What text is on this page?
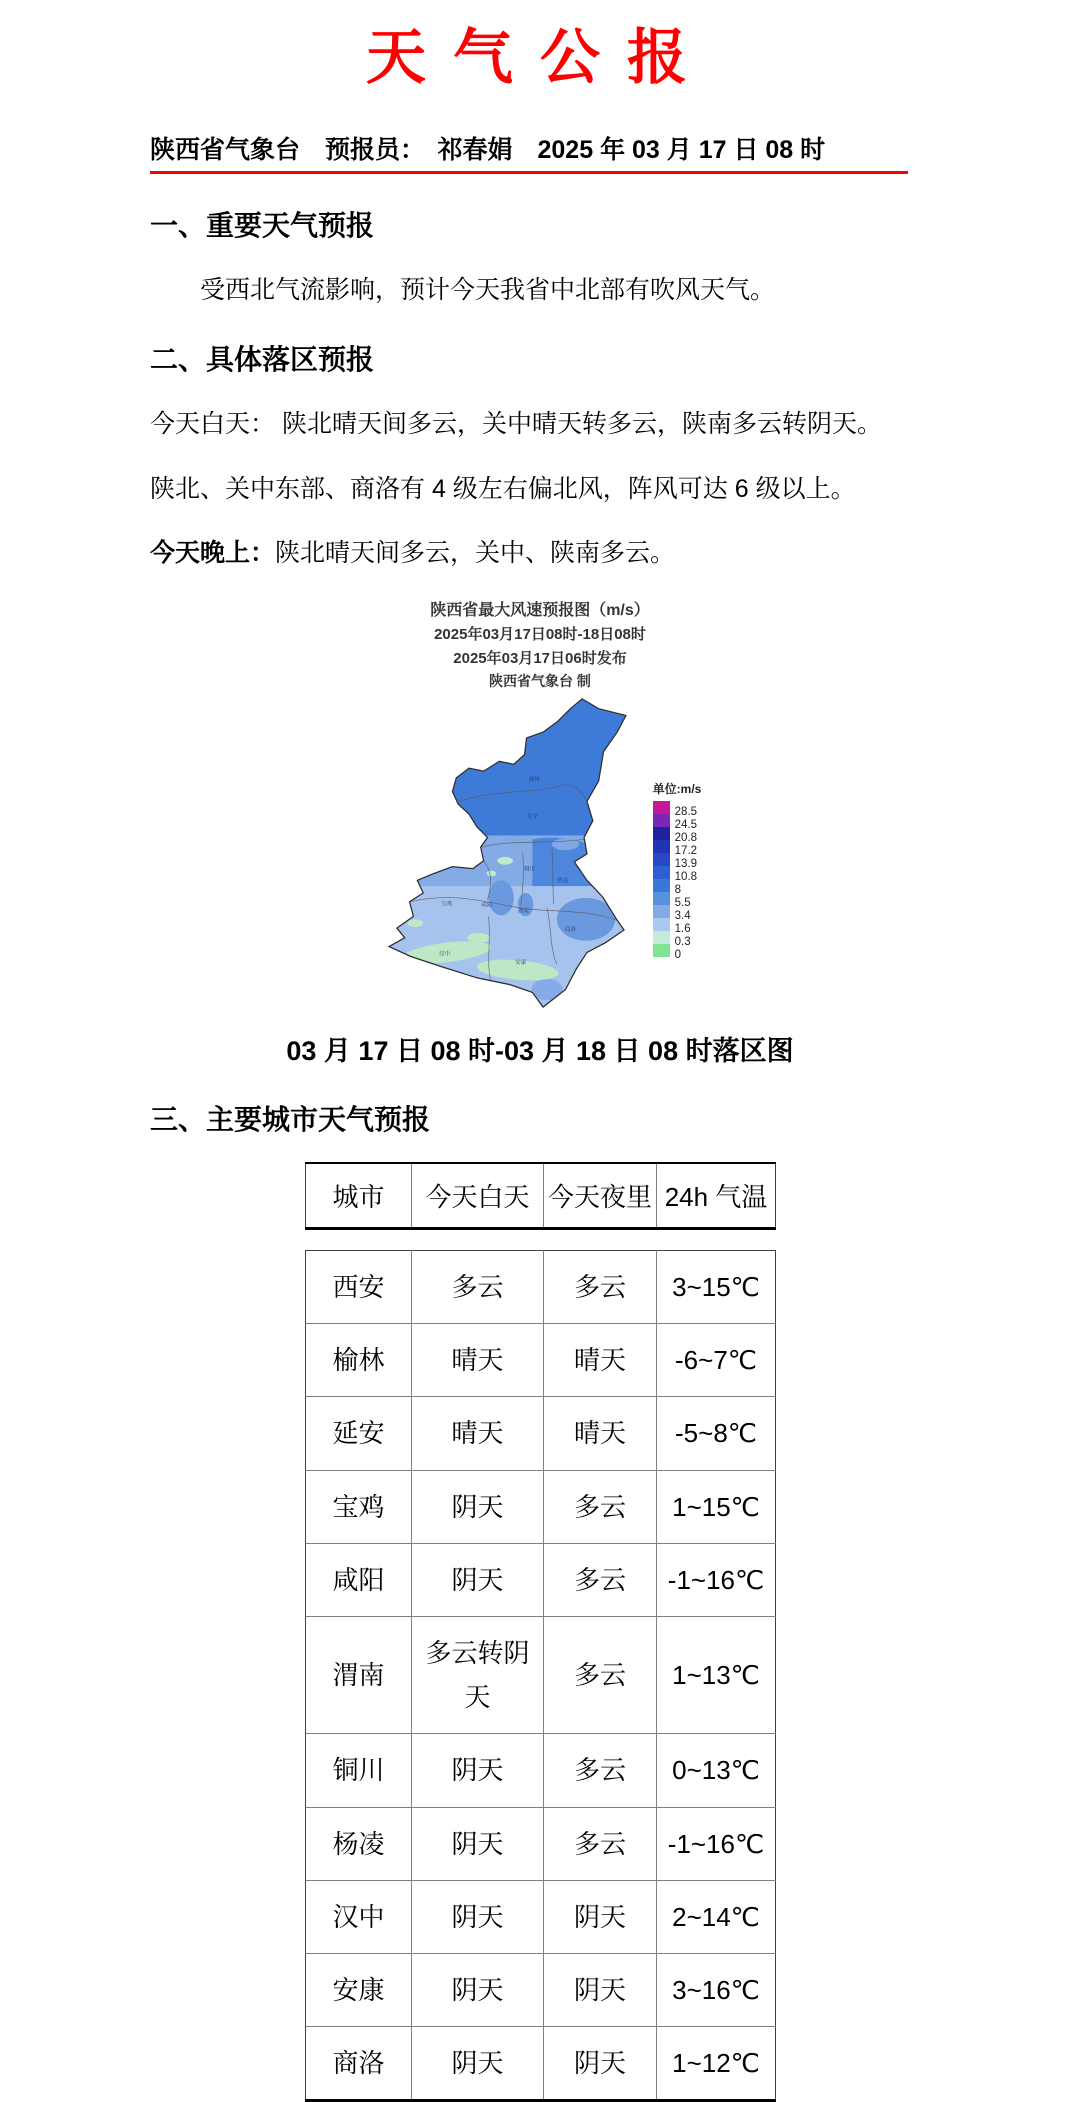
天气公报
陕西省气象台　预报员：　祁春娟　2025 年 03 月 17 日 08 时
一、重要天气预报

受西北气流影响，预计今天我省中北部有吹风天气。

二、具体落区预报

今天白天： 陕北晴天间多云，关中晴天转多云，陕南多云转阴天。

陕北、关中东部、商洛有 4 级左右偏北风，阵风可达 6 级以上。

今天晚上：陕北晴天间多云，关中、陕南多云。

陕西省最大风速预报图（m/s）
2025年03月17日08时-18日08时
2025年03月17日06时发布
陕西省气象台 制
榆林
延安
铜川
渭南
宝鸡	咸阳
西安
商洛
汉中
安康
单位:m/s
28.5
24.5
20.8
17.2
13.9
10.8
8
5.5
3.4
1.6
0.3
0
03 月 17 日 08 时-03 月 18 日 08 时落区图
三、主要城市天气预报
城市	今天白天	今天夜里	24h 气温
西安	多云	多云	3~15℃
榆林	晴天	晴天	-6~7℃
延安	晴天	晴天	-5~8℃
宝鸡	阴天	多云	1~15℃
咸阳	阴天	多云	-1~16℃
渭南	多云转阴天	多云	1~13℃
铜川	阴天	多云	0~13℃
杨凌	阴天	多云	-1~16℃
汉中	阴天	阴天	2~14℃
安康	阴天	阴天	3~16℃
商洛	阴天	阴天	1~12℃
